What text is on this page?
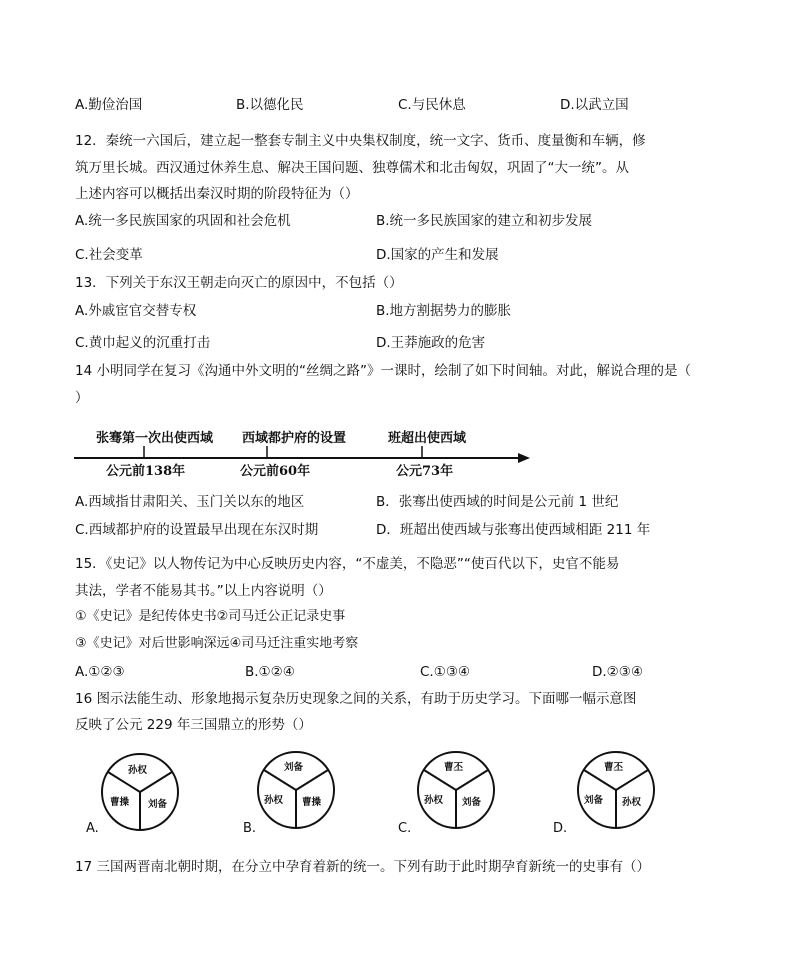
A.勤俭治国	B.以德化民	C.与民休息	D.以武立国
12．秦统一六国后，建立起一整套专制主义中央集权制度，统一文字、货币、度量衡和车辆，修
筑万里长城。西汉通过休养生息、解决王国问题、独尊儒术和北击匈奴，巩固了“大一统”。从
上述内容可以概括出秦汉时期的阶段特征为（）
A.统一多民族国家的巩固和社会危机	B.统一多民族国家的建立和初步发展
C.社会变革	D.国家的产生和发展
13．下列关于东汉王朝走向灭亡的原因中，不包括（）
A.外戚宦官交替专权	B.地方割据势力的膨胀
C.黄巾起义的沉重打击	D.王莽施政的危害
14 小明同学在复习《沟通中外文明的“丝绸之路”》一课时，绘制了如下时间轴。对此，解说合理的是（
）
张骞第一次出使西域 西域都护府的设置	班超出使西域
公元前138年	公元前60年	公元73年
A.西域指甘肃阳关、玉门关以东的地区	B．张骞出使西域的时间是公元前 1 世纪
C.西域都护府的设置最早出现在东汉时期	D．班超出使西域与张骞出使西域相距 211 年
15．《史记》以人物传记为中心反映历史内容，“不虚美，不隐恶”“使百代以下，史官不能易
其法，学者不能易其书。”以上内容说明（）
①《史记》是纪传体史书②司马迁公正记录史事
③《史记》对后世影响深远④司马迁注重实地考察
A.①②③	B.①②④	C.①③④	D.②③④
16 图示法能生动、形象地揭示复杂历史现象之间的关系，有助于历史学习。下面哪一幅示意图
反映了公元 229 年三国鼎立的形势（）
孙权
曹操 刘备
A.
刘备
孙权 曹操
B.
曹丕
孙权 刘备
C.
曹丕
刘备 孙权
D.
17 三国两晋南北朝时期，在分立中孕育着新的统一。下列有助于此时期孕育新统一的史事有（）
